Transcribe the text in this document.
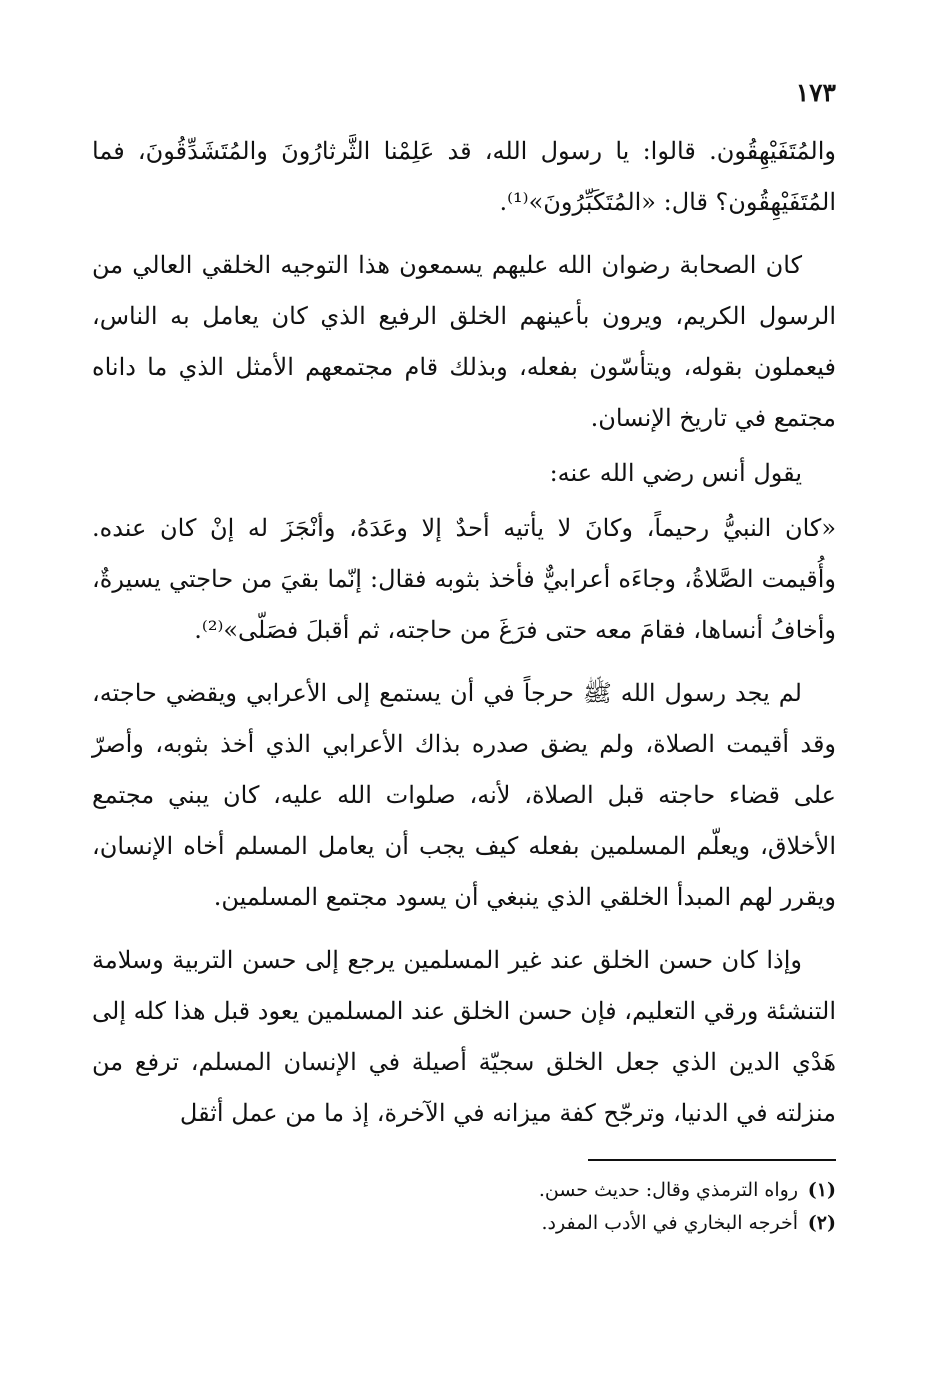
١٧٣

والمُتَفَيْهِقُون. قالوا: يا رسول الله، قد عَلِمْنا الثَّرثارُونَ والمُتَشَدِّقُونَ، فما المُتَفَيْهِقُون؟ قال: «المُتَكَبِّرُونَ»⁽¹⁾.

كان الصحابة رضوان الله عليهم يسمعون هذا التوجيه الخلقي العالي من الرسول الكريم، ويرون بأعينهم الخلق الرفيع الذي كان يعامل به الناس، فيعملون بقوله، ويتأسّون بفعله، وبذلك قام مجتمعهم الأمثل الذي ما داناه مجتمع في تاريخ الإنسان.

يقول أنس رضي الله عنه:

«كان النبيُّ رحيماً، وكانَ لا يأتيه أحدٌ إلا وعَدَهُ، وأنْجَزَ له إنْ كان عنده. وأُقيمت الصَّلاةُ، وجاءَه أعرابيٌّ فأخذ بثوبه فقال: إنّما بقيَ من حاجتي يسيرةٌ، وأخافُ أنساها، فقامَ معه حتى فرَغَ من حاجته، ثم أقبلَ فصَلّى»⁽²⁾.

لم يجد رسول الله ﷺ حرجاً في أن يستمع إلى الأعرابي ويقضي حاجته، وقد أقيمت الصلاة، ولم يضق صدره بذاك الأعرابي الذي أخذ بثوبه، وأصرّ على قضاء حاجته قبل الصلاة، لأنه، صلوات الله عليه، كان يبني مجتمع الأخلاق، ويعلّم المسلمين بفعله كيف يجب أن يعامل المسلم أخاه الإنسان، ويقرر لهم المبدأ الخلقي الذي ينبغي أن يسود مجتمع المسلمين.

وإذا كان حسن الخلق عند غير المسلمين يرجع إلى حسن التربية وسلامة التنشئة ورقي التعليم، فإن حسن الخلق عند المسلمين يعود قبل هذا كله إلى هَدْي الدين الذي جعل الخلق سجيّة أصيلة في الإنسان المسلم، ترفع من منزلته في الدنيا، وترجّح كفة ميزانه في الآخرة، إذ ما من عمل أثقل

(١)
رواه الترمذي وقال: حديث حسن.
(٢)
أخرجه البخاري في الأدب المفرد.
